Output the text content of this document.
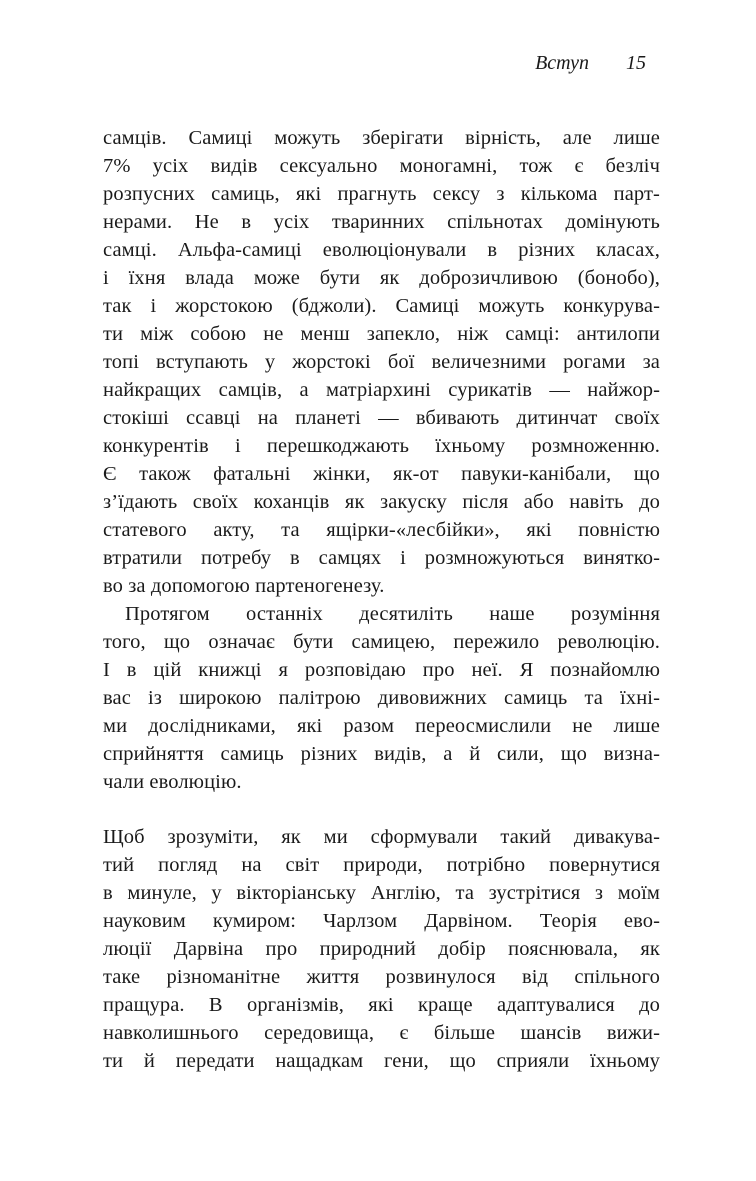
Вступ 15
самців. Самиці можуть зберігати вірність, але лише
7% усіх видів сексуально моногамні, тож є безліч
розпусних самиць, які прагнуть сексу з кількома парт-
нерами. Не в усіх тваринних спільнотах домінують
самці. Альфа-самиці еволюціонували в різних класах,
і їхня влада може бути як доброзичливою (бонобо),
так і жорстокою (бджоли). Самиці можуть конкурува-
ти між собою не менш запекло, ніж самці: антилопи
топі вступають у жорстокі бої величезними рогами за
найкращих самців, а матріархині сурикатів — найжор-
стокіші ссавці на планеті — вбивають дитинчат своїх
конкурентів і перешкоджають їхньому розмноженню.
Є також фатальні жінки, як-от павуки-канібали, що
з’їдають своїх коханців як закуску після або навіть до
статевого акту, та ящірки-«лесбійки», які повністю
втратили потребу в самцях і розмножуються винятко-
во за допомогою партеногенезу.
Протягом останніх десятиліть наше розуміння
того, що означає бути самицею, пережило революцію.
І в цій книжці я розповідаю про неї. Я познайомлю
вас із широкою палітрою дивовижних самиць та їхні-
ми дослідниками, які разом переосмислили не лише
сприйняття самиць різних видів, а й сили, що визна-
чали еволюцію.
Щоб зрозуміти, як ми сформували такий дивакува-
тий погляд на світ природи, потрібно повернутися
в минуле, у вікторіанську Англію, та зустрітися з моїм
науковим кумиром: Чарлзом Дарвіном. Теорія ево-
люції Дарвіна про природний добір пояснювала, як
таке різноманітне життя розвинулося від спільного
пращура. В організмів, які краще адаптувалися до
навколишнього середовища, є більше шансів вижи-
ти й передати нащадкам гени, що сприяли їхньому
